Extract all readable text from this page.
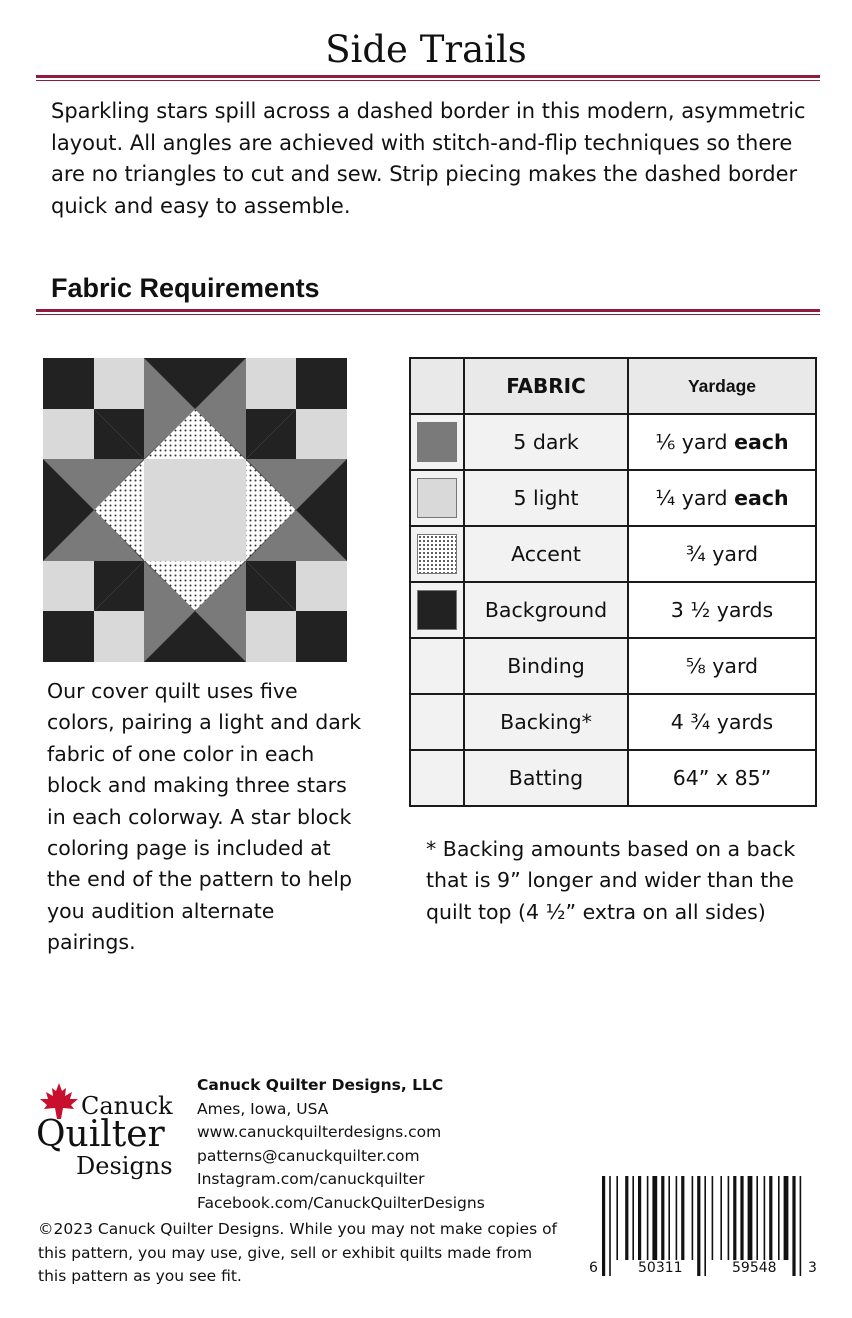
Side Trails

Sparkling stars spill across a dashed border in this modern, asymmetric layout. All angles are achieved with stitch-and-flip techniques so there are no triangles to cut and sew. Strip piecing makes the dashed border quick and easy to assemble.

Fabric Requirements

Our cover quilt uses five colors, pairing a light and dark fabric of one color in each block and making three stars in each colorway. A star block coloring page is included at the end of the pattern to help you audition alternate pairings.

	FABRIC	Yardage

	5 dark	⅙ yard each

	5 light	¼ yard each

	Accent	¾ yard

	Background	3 ½ yards
	Binding	⅝ yard
	Backing*	4 ¾ yards
	Batting	64” x 85”

* Backing amounts based on a back that is 9” longer and wider than the quilt top (4 ½” extra on all sides)

Canuck
Quilter
Designs
Canuck Quilter Designs, LLC
Ames, Iowa, USA
www.canuckquilterdesigns.com
patterns@canuckquilter.com
Instagram.com/canuckquilter
Facebook.com/CanuckQuilterDesigns

©2023 Canuck Quilter Designs. While you may not make copies of this pattern, you may use, give, sell or exhibit quilts made from this pattern as you see fit.	6	50311	59548 3
